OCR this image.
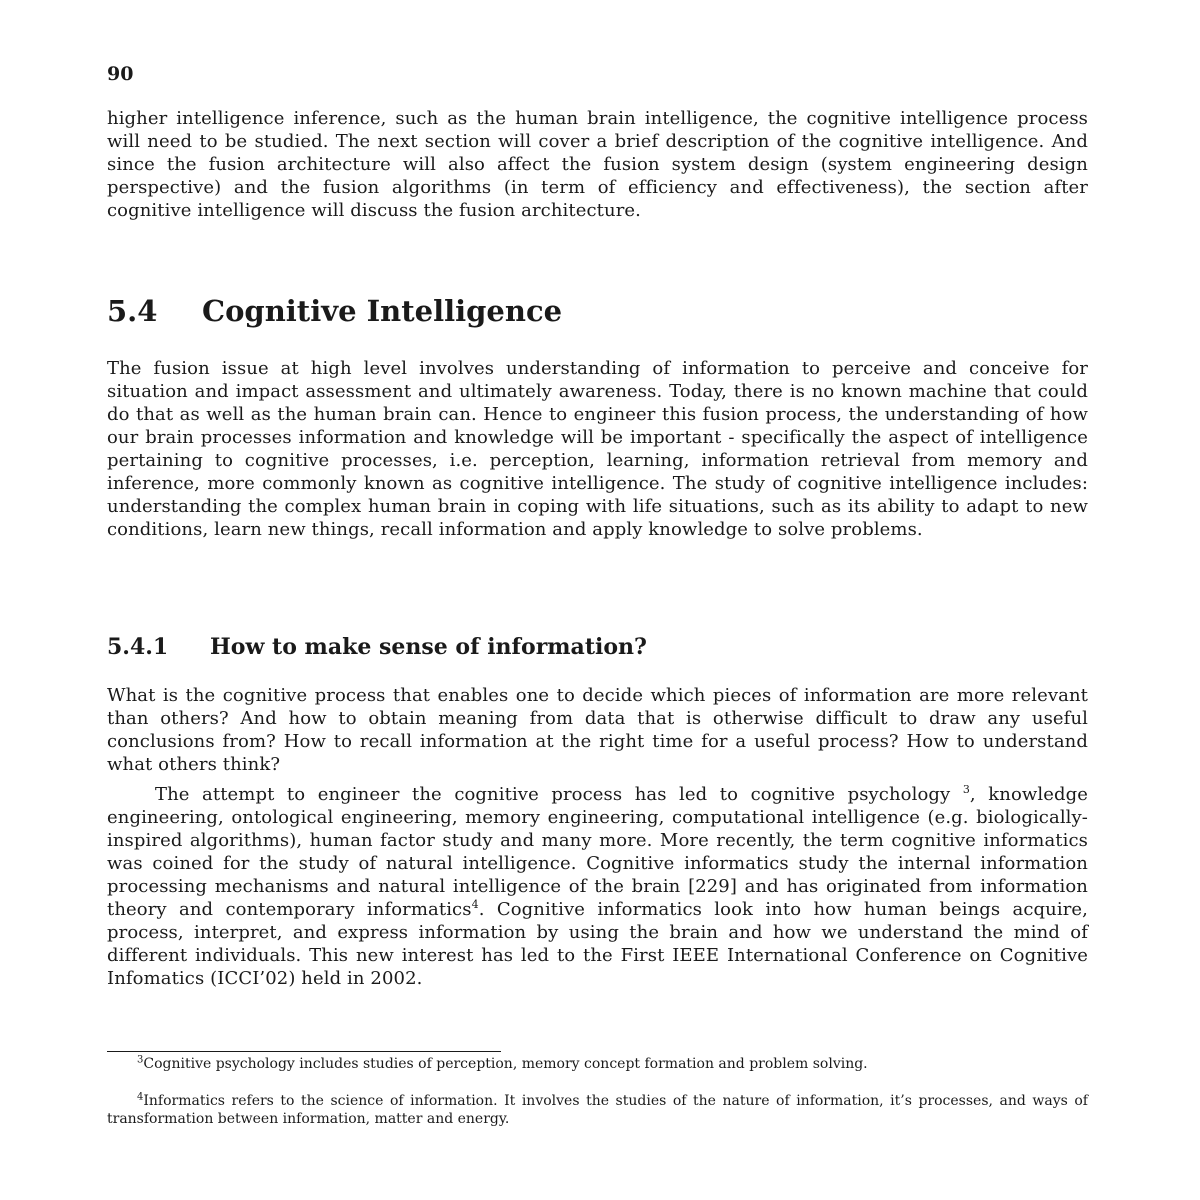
90

higher intelligence inference, such as the human brain intelligence, the cognitive intelligence process will need to be studied. The next section will cover a brief description of the cognitive intelligence. And since the fusion architecture will also affect the fusion system design (system engineering design perspective) and the fusion algorithms (in term of efficiency and effectiveness), the section after cognitive intelligence will discuss the fusion architecture.

5.4	Cognitive Intelligence

The fusion issue at high level involves understanding of information to perceive and conceive for situation and impact assessment and ultimately awareness. Today, there is no known machine that could do that as well as the human brain can. Hence to engineer this fusion process, the understanding of how our brain processes information and knowledge will be important - specifically the aspect of intelligence pertaining to cognitive processes, i.e. perception, learning, information retrieval from memory and inference, more commonly known as cognitive intelligence. The study of cognitive intelligence includes: understanding the complex human brain in coping with life situations, such as its ability to adapt to new conditions, learn new things, recall information and apply knowledge to solve problems.

5.4.1	How to make sense of information?

What is the cognitive process that enables one to decide which pieces of information are more relevant than others? And how to obtain meaning from data that is otherwise difficult to draw any useful conclusions from? How to recall information at the right time for a useful process? How to understand what others think?

The attempt to engineer the cognitive process has led to cognitive psychology $^3$, knowledge engineering, ontological engineering, memory engineering, computational intelligence (e.g. biologically-inspired algorithms), human factor study and many more. More recently, the term cognitive informatics was coined for the study of natural intelligence. Cognitive informatics study the internal information processing mechanisms and natural intelligence of the brain [229] and has originated from information theory and contemporary informatics$^4$. Cognitive informatics look into how human beings acquire, process, interpret, and express information by using the brain and how we understand the mind of different individuals. This new interest has led to the First IEEE International Conference on Cognitive Infomatics (ICCI’02) held in 2002.

$^3$Cognitive psychology includes studies of perception, memory concept formation and problem solving.

$^4$Informatics refers to the science of information. It involves the studies of the nature of information, it’s processes, and ways of transformation between information, matter and energy.
